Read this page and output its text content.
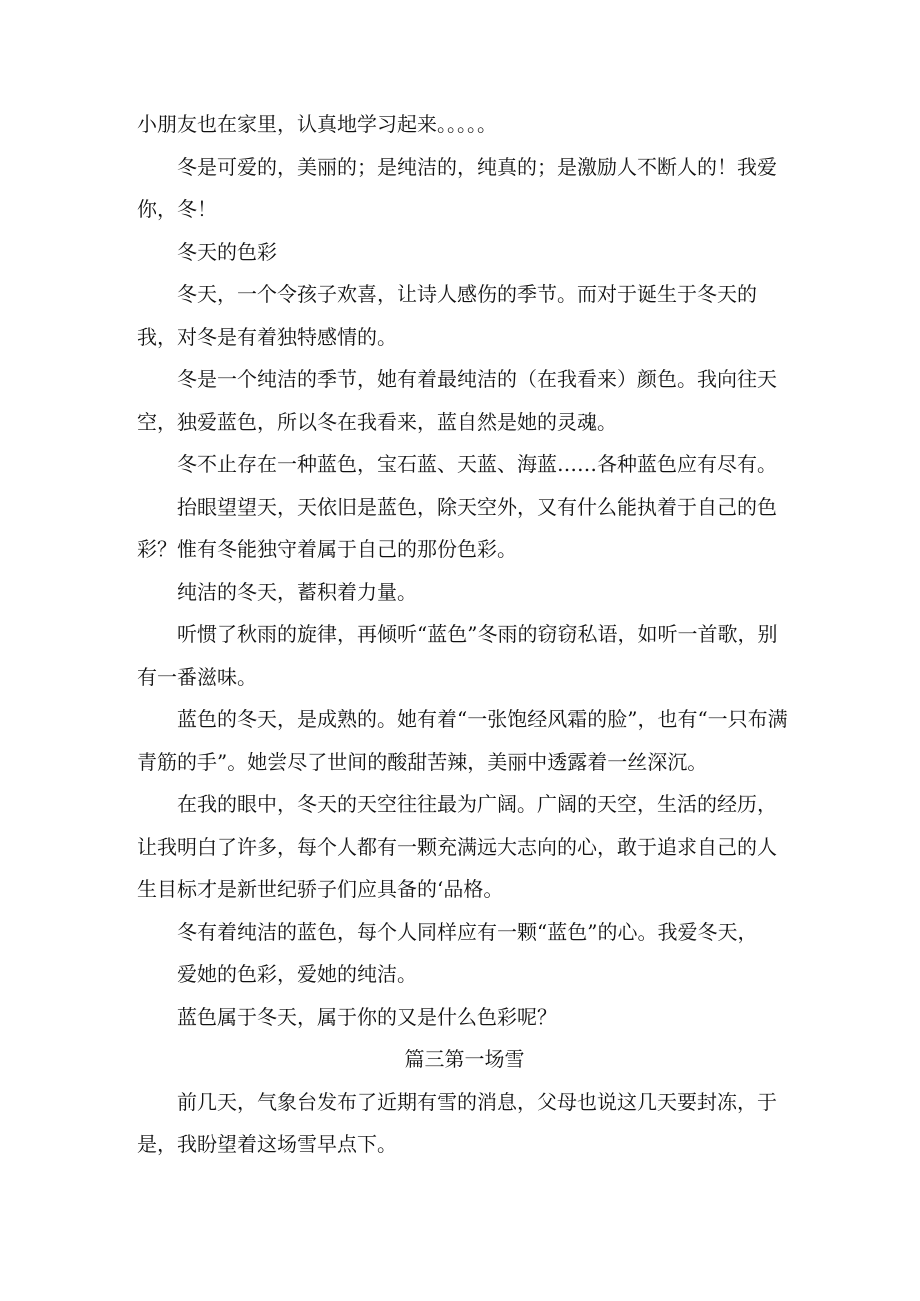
小朋友也在家里，认真地学习起来。。。。。

冬是可爱的，美丽的；是纯洁的，纯真的；是激励人不断人的！我爱你，冬！

冬天的色彩

冬天，一个令孩子欢喜，让诗人感伤的季节。而对于诞生于冬天的我，对冬是有着独特感情的。

冬是一个纯洁的季节，她有着最纯洁的（在我看来）颜色。我向往天空，独爱蓝色，所以冬在我看来，蓝自然是她的灵魂。

冬不止存在一种蓝色，宝石蓝、天蓝、海蓝……各种蓝色应有尽有。

抬眼望望天，天依旧是蓝色，除天空外，又有什么能执着于自己的色彩？惟有冬能独守着属于自己的那份色彩。

纯洁的冬天，蓄积着力量。

听惯了秋雨的旋律，再倾听“蓝色”冬雨的窃窃私语，如听一首歌，别有一番滋味。

蓝色的冬天，是成熟的。她有着“一张饱经风霜的脸”，也有“一只布满青筋的手”。她尝尽了世间的酸甜苦辣，美丽中透露着一丝深沉。

在我的眼中，冬天的天空往往最为广阔。广阔的天空，生活的经历，让我明白了许多，每个人都有一颗充满远大志向的心，敢于追求自己的人生目标才是新世纪骄子们应具备的‘品格。

冬有着纯洁的蓝色，每个人同样应有一颗“蓝色”的心。我爱冬天，

爱她的色彩，爱她的纯洁。

蓝色属于冬天，属于你的又是什么色彩呢？

篇三第一场雪

前几天，气象台发布了近期有雪的消息，父母也说这几天要封冻，于是，我盼望着这场雪早点下。
